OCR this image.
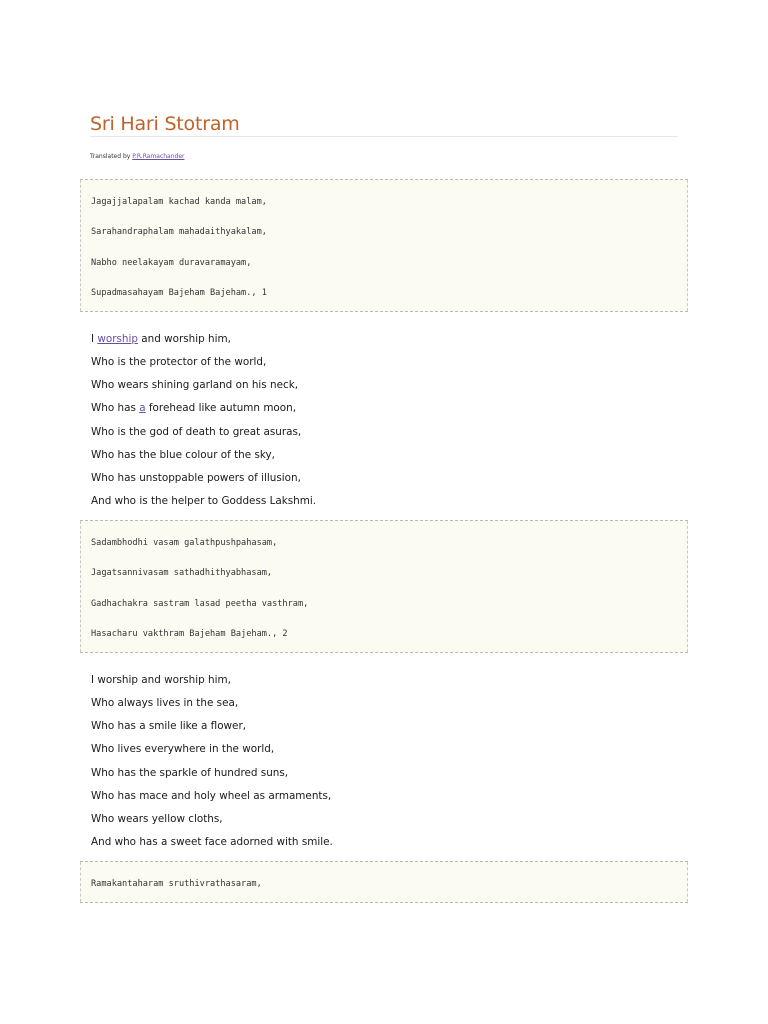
Sri Hari Stotram
Translated by P.R.Ramachander
Jagajjalapalam kachad kanda malam,
Sarahandraphalam mahadaithyakalam,
Nabho neelakayam duravaramayam,
Supadmasahayam Bajeham Bajeham., 1
I worship and worship him,
Who is the protector of the world,
Who wears shining garland on his neck,
Who has a forehead like autumn moon,
Who is the god of death to great asuras,
Who has the blue colour of the sky,
Who has unstoppable powers of illusion,
And who is the helper to Goddess Lakshmi.
Sadambhodhi vasam galathpushpahasam,
Jagatsannivasam sathadhithyabhasam,
Gadhachakra sastram lasad peetha vasthram,
Hasacharu vakthram Bajeham Bajeham., 2
I worship and worship him,
Who always lives in the sea,
Who has a smile like a flower,
Who lives everywhere in the world,
Who has the sparkle of hundred suns,
Who has mace and holy wheel as armaments,
Who wears yellow cloths,
And who has a sweet face adorned with smile.
Ramakantaharam sruthivrathasaram,
